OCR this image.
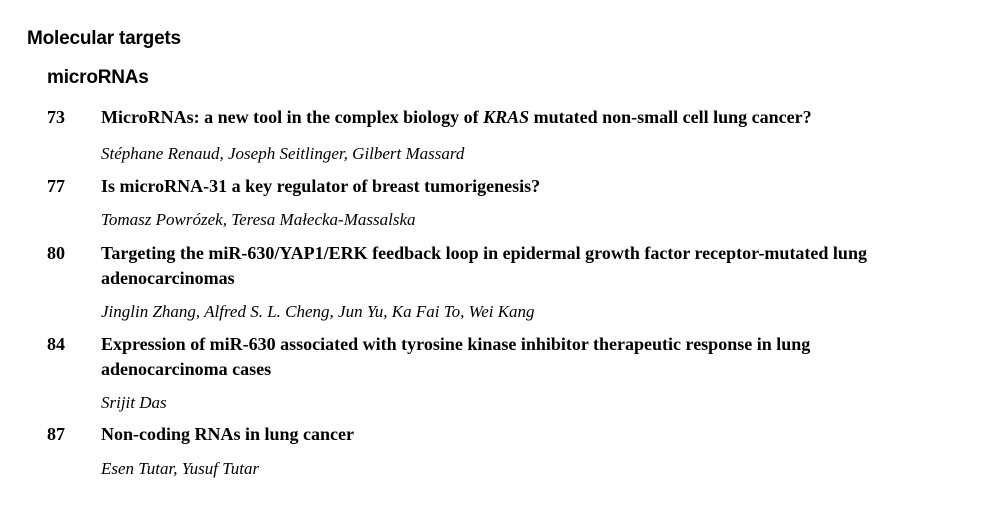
Molecular targets
microRNAs
73 MicroRNAs: a new tool in the complex biology of KRAS mutated non-small cell lung cancer?
Stéphane Renaud, Joseph Seitlinger, Gilbert Massard
77 Is microRNA-31 a key regulator of breast tumorigenesis?
Tomasz Powrózek, Teresa Małecka-Massalska
80 Targeting the miR-630/YAP1/ERK feedback loop in epidermal growth factor receptor-mutated lung adenocarcinomas
Jinglin Zhang, Alfred S. L. Cheng, Jun Yu, Ka Fai To, Wei Kang
84 Expression of miR-630 associated with tyrosine kinase inhibitor therapeutic response in lung adenocarcinoma cases
Srijit Das
87 Non-coding RNAs in lung cancer
Esen Tutar, Yusuf Tutar
